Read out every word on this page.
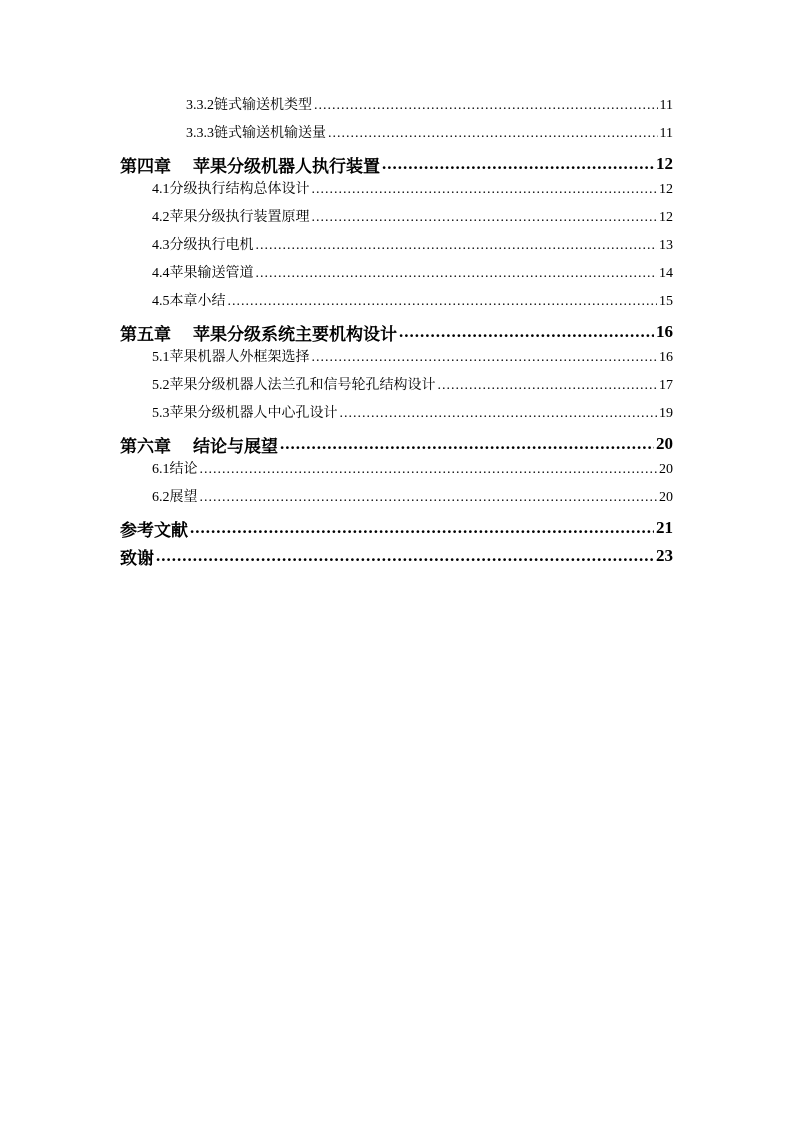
3.3.2 链式输送机类型 .....	11
3.3.3 链式输送机输送量 .....	11
第四章 苹果分级机器人执行装置 .....	12
4.1 分级执行结构总体设计 .....	12
4.2 苹果分级执行装置原理 .....	12
4.3 分级执行电机 .....	13
4.4 苹果输送管道 .....	14
4.5 本章小结 .....	15
第五章 苹果分级系统主要机构设计 .....	16
5.1 苹果机器人外框架选择 .....	16
5.2 苹果分级机器人法兰孔和信号轮孔结构设计 .....	17
5.3 苹果分级机器人中心孔设计 .....	19
第六章 结论与展望 .....	20
6.1 结论 .....	20
6.2 展望 .....	20
参考文献 .....	21
致谢 .....	23
